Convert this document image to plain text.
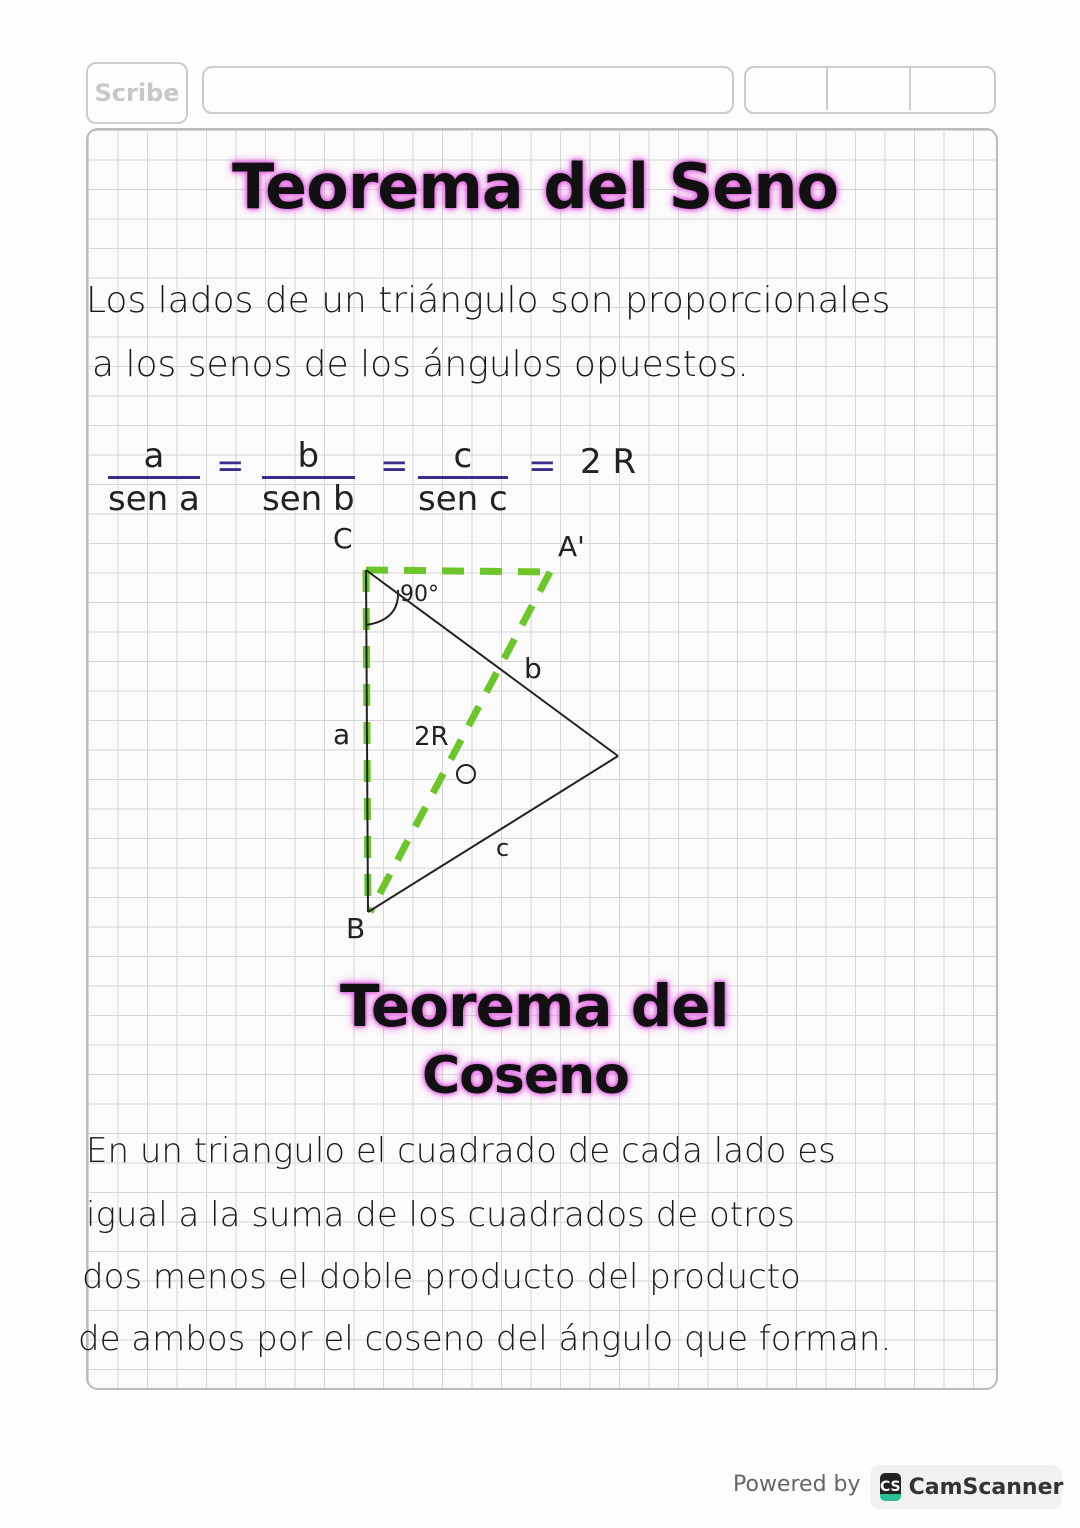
Scribe
Teorema del Seno
Los lados de un triángulo son proporcionales
a los senos de los ángulos opuestos.
a
sen a
=	b
sen b
=	c
sen c
= 2 R
C	A'
B
a
b
c
90°
2R
Teorema del
Coseno
En un triangulo el cuadrado de cada lado es
igual a la suma de los cuadrados de otros
dos menos el doble producto del producto
de ambos por el coseno del ángulo que forman.
Powered by CS CamScanner
